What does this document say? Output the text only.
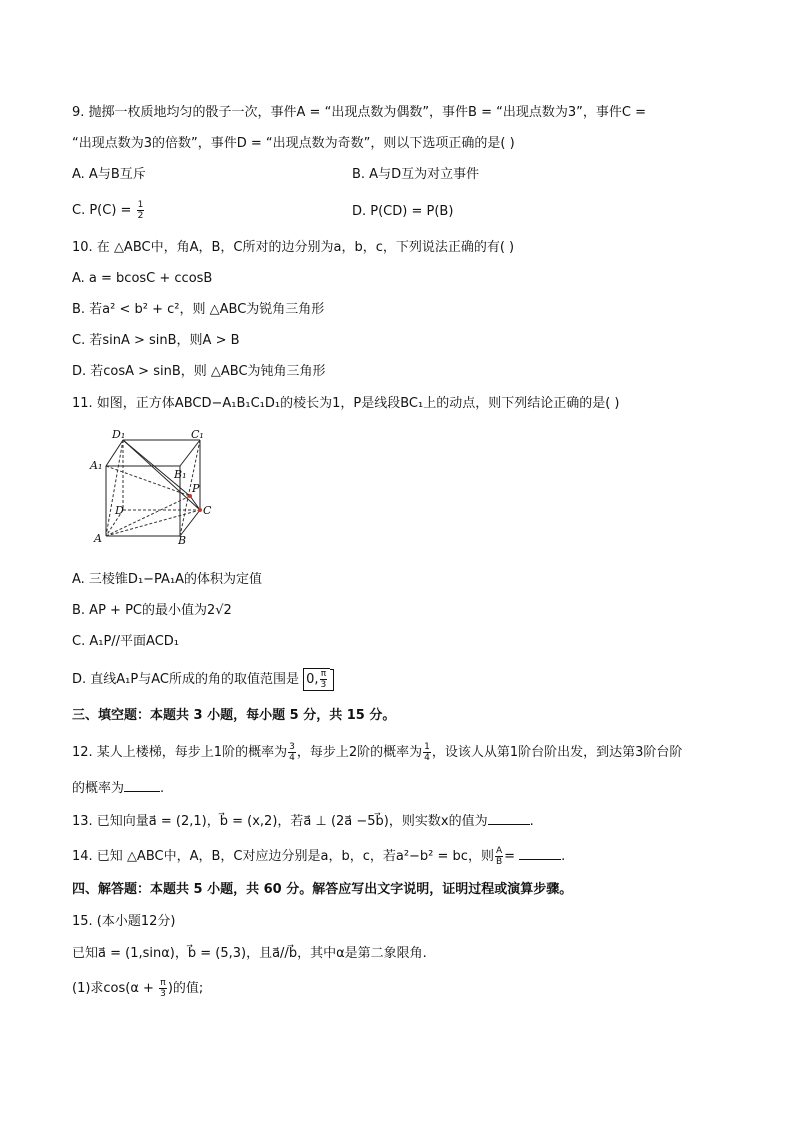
9. 抛掷一枚质地均匀的骰子一次，事件A = “出现点数为偶数”，事件B = “出现点数为3”，事件C =
“出现点数为3的倍数”，事件D = “出现点数为奇数”，则以下选项正确的是( )
A. A与B互斥	B. A与D互为对立事件
C. $P(C) = \frac{1}{2}$	D. P(CD) = P(B)
10. 在 △ABC中，角A，B，C所对的边分别为a，b，c，下列说法正确的有( )
A. a = bcosC + ccosB
B. 若a² < b² + c²，则 △ABC为锐角三角形
C. 若sinA > sinB，则A > B
D. 若cosA > sinB，则 △ABC为钝角三角形
11. 如图，正方体ABCD−A₁B₁C₁D₁的棱长为1，P是线段BC₁上的动点，则下列结论正确的是( )
D₁	C₁
A₁
B₁
P
D	C
A	B
A. 三棱锥D₁−PA₁A的体积为定值
B. AP + PC的最小值为2√2
C. A₁P//平面ACD₁
D. 直线A₁P与AC所成的角的取值范围是 0, $\frac{\pi}{3}$
三、填空题：本题共 3 小题，每小题 5 分，共 15 分。
12. 某人上楼梯，每步上1阶的概率为 $\frac{3}{4}$ ，每步上2阶的概率为 $\frac{1}{4}$ ，设该人从第1阶台阶出发，到达第3阶台阶
的概率为	.
13. 已知向量a⃗ = (2,1)，b⃗ = (x,2)，若a⃗ ⊥ (2a⃗ −5b⃗)，则实数x的值为	.
14. 已知 △ABC中，A，B，C对应边分别是a，b，c，若a²−b² = bc，则 $\frac{A}{B}$ =	.
四、解答题：本题共 5 小题，共 60 分。解答应写出文字说明，证明过程或演算步骤。
15. (本小题12分)
已知a⃗ = (1,sinα)，b⃗ = (5,3)，且a⃗//b⃗，其中α是第二象限角.
(1)求$\cos(\alpha + \frac{\pi}{3}$ )的值;
